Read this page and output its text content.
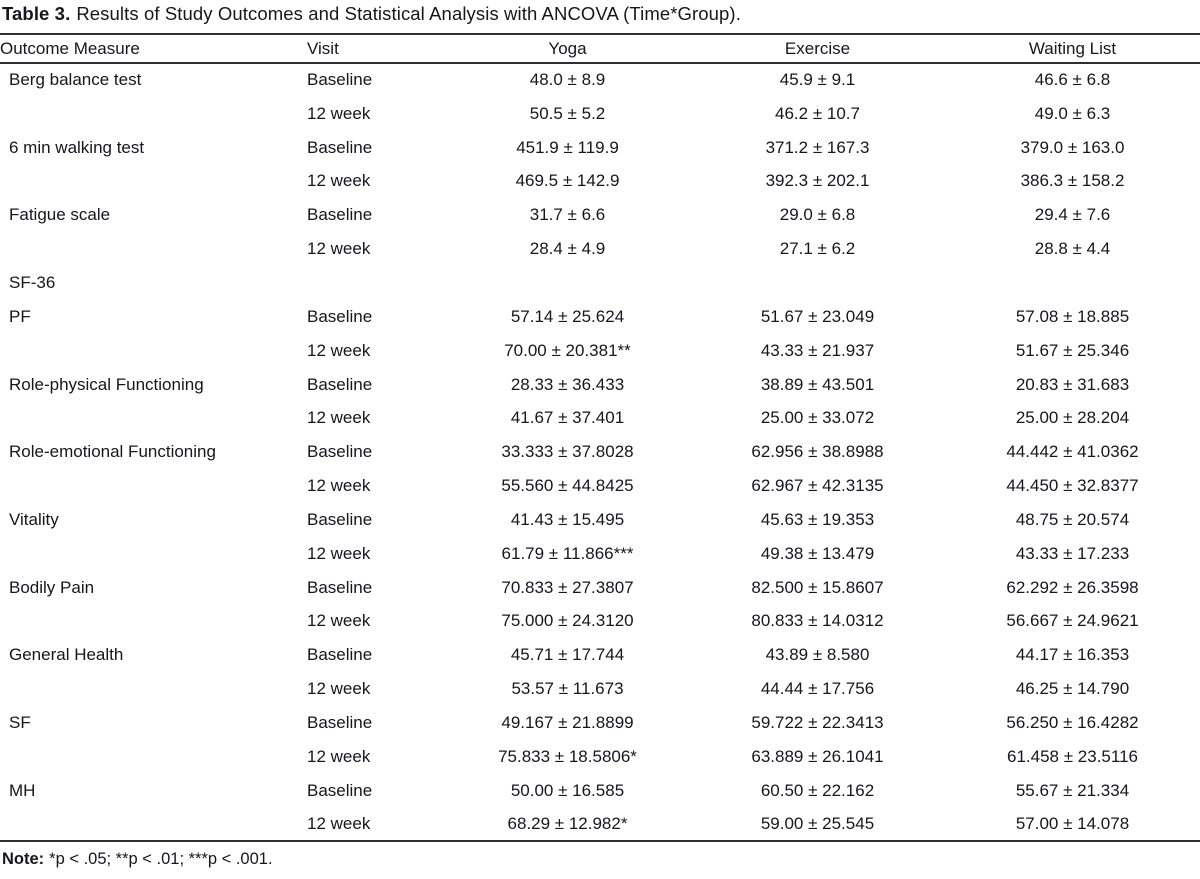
Table 3. Results of Study Outcomes and Statistical Analysis with ANCOVA (Time*Group).
Outcome Measure	Visit	Yoga	Exercise	Waiting List
Berg balance test	Baseline	48.0 ± 8.9	45.9 ± 9.1	46.6 ± 6.8
	12 week	50.5 ± 5.2	46.2 ± 10.7	49.0 ± 6.3
6 min walking test	Baseline	451.9 ± 119.9	371.2 ± 167.3	379.0 ± 163.0
	12 week	469.5 ± 142.9	392.3 ± 202.1	386.3 ± 158.2
Fatigue scale	Baseline	31.7 ± 6.6	29.0 ± 6.8	29.4 ± 7.6
	12 week	28.4 ± 4.9	27.1 ± 6.2	28.8 ± 4.4
SF-36				
PF	Baseline	57.14 ± 25.624	51.67 ± 23.049	57.08 ± 18.885
	12 week	70.00 ± 20.381**	43.33 ± 21.937	51.67 ± 25.346
Role-physical Functioning	Baseline	28.33 ± 36.433	38.89 ± 43.501	20.83 ± 31.683
	12 week	41.67 ± 37.401	25.00 ± 33.072	25.00 ± 28.204
Role-emotional Functioning	Baseline	33.333 ± 37.8028	62.956 ± 38.8988	44.442 ± 41.0362
	12 week	55.560 ± 44.8425	62.967 ± 42.3135	44.450 ± 32.8377
Vitality	Baseline	41.43 ± 15.495	45.63 ± 19.353	48.75 ± 20.574
	12 week	61.79 ± 11.866***	49.38 ± 13.479	43.33 ± 17.233
Bodily Pain	Baseline	70.833 ± 27.3807	82.500 ± 15.8607	62.292 ± 26.3598
	12 week	75.000 ± 24.3120	80.833 ± 14.0312	56.667 ± 24.9621
General Health	Baseline	45.71 ± 17.744	43.89 ± 8.580	44.17 ± 16.353
	12 week	53.57 ± 11.673	44.44 ± 17.756	46.25 ± 14.790
SF	Baseline	49.167 ± 21.8899	59.722 ± 22.3413	56.250 ± 16.4282
	12 week	75.833 ± 18.5806*	63.889 ± 26.1041	61.458 ± 23.5116
MH	Baseline	50.00 ± 16.585	60.50 ± 22.162	55.67 ± 21.334
	12 week	68.29 ± 12.982*	59.00 ± 25.545	57.00 ± 14.078
Note: *p < .05; **p < .01; ***p < .001.
